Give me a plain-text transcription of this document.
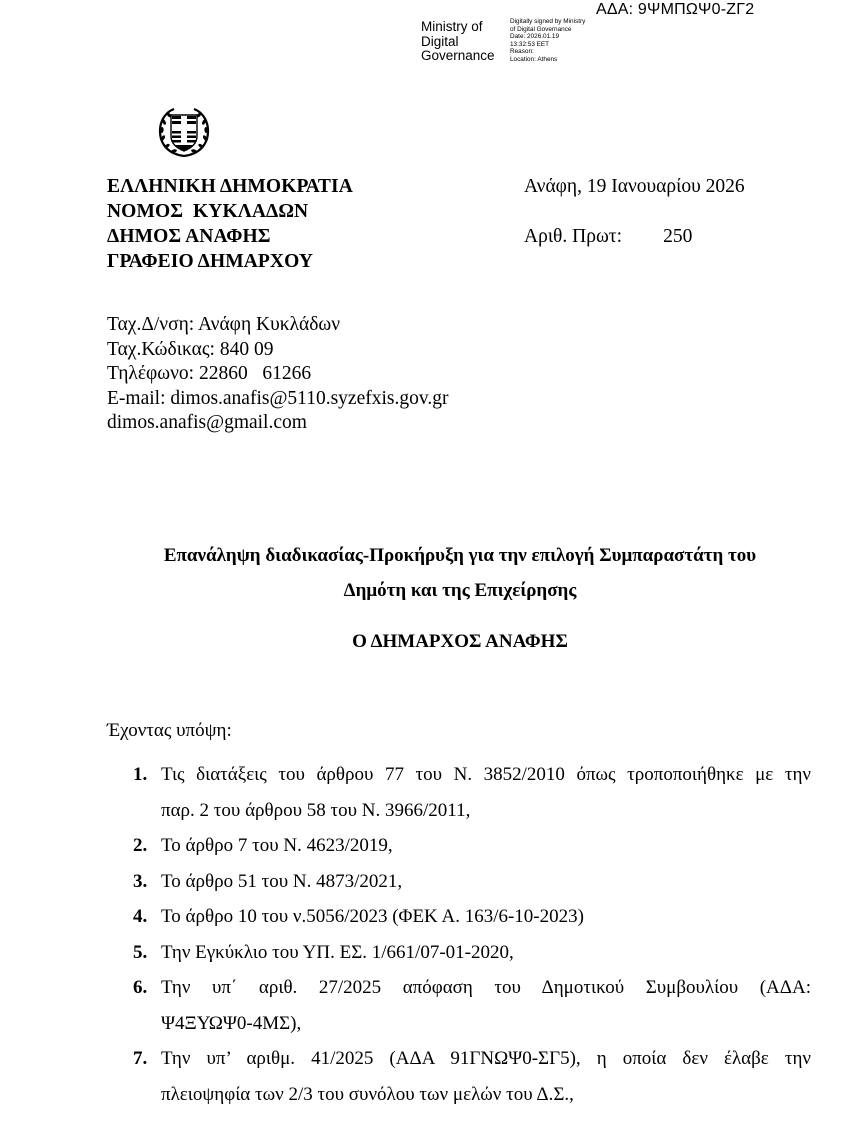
ΑΔΑ: 9ΨΜΠΩΨ0-ΖΓ2
Ministry of
Digital
Governance
Digitally signed by Ministry
of Digital Governance
Date: 2026.01.19
13:32:53 EET
Reason:
Location: Athens
ΕΛΛΗΝΙΚΗ ΔΗΜΟΚΡΑΤΙΑ
ΝΟΜΟΣ  ΚΥΚΛΑΔΩΝ
ΔΗΜΟΣ ΑΝΑΦΗΣ
ΓΡΑΦΕΙΟ ΔΗΜΑΡΧΟΥ
Ανάφη, 19 Ιανουαρίου 2026
Αριθ. Πρωτ: 250
Ταχ.Δ/νση: Ανάφη Κυκλάδων
Ταχ.Κώδικας: 840 09
Τηλέφωνο: 22860   61266
E-mail: dimos.anafis@5110.syzefxis.gov.gr
dimos.anafis@gmail.com
Επανάληψη διαδικασίας-Προκήρυξη για την επιλογή Συμπαραστάτη του
Δημότη και της Επιχείρησης
Ο ΔΗΜΑΡΧΟΣ ΑΝΑΦΗΣ
Έχοντας υπόψη:
1. Τις διατάξεις του άρθρου 77 του Ν. 3852/2010 όπως τροποποιήθηκε με την
παρ. 2 του άρθρου 58 του Ν. 3966/2011,
2. Το άρθρο 7 του Ν. 4623/2019,
3. Το άρθρο 51 του Ν. 4873/2021,
4. Το άρθρο 10 του ν.5056/2023 (ΦΕΚ Α. 163/6-10-2023)
5. Την Εγκύκλιο του ΥΠ. ΕΣ. 1/661/07-01-2020,
6. Την υπ΄ αριθ. 27/2025 απόφαση του Δημοτικού Συμβουλίου (ΑΔΑ:
Ψ4ΞΥΩΨ0-4ΜΣ),
7. Την υπ’ αριθμ. 41/2025 (ΑΔΑ 91ΓΝΩΨ0-ΣΓ5), η οποία δεν έλαβε την
πλειοψηφία των 2/3 του συνόλου των μελών του Δ.Σ.,
